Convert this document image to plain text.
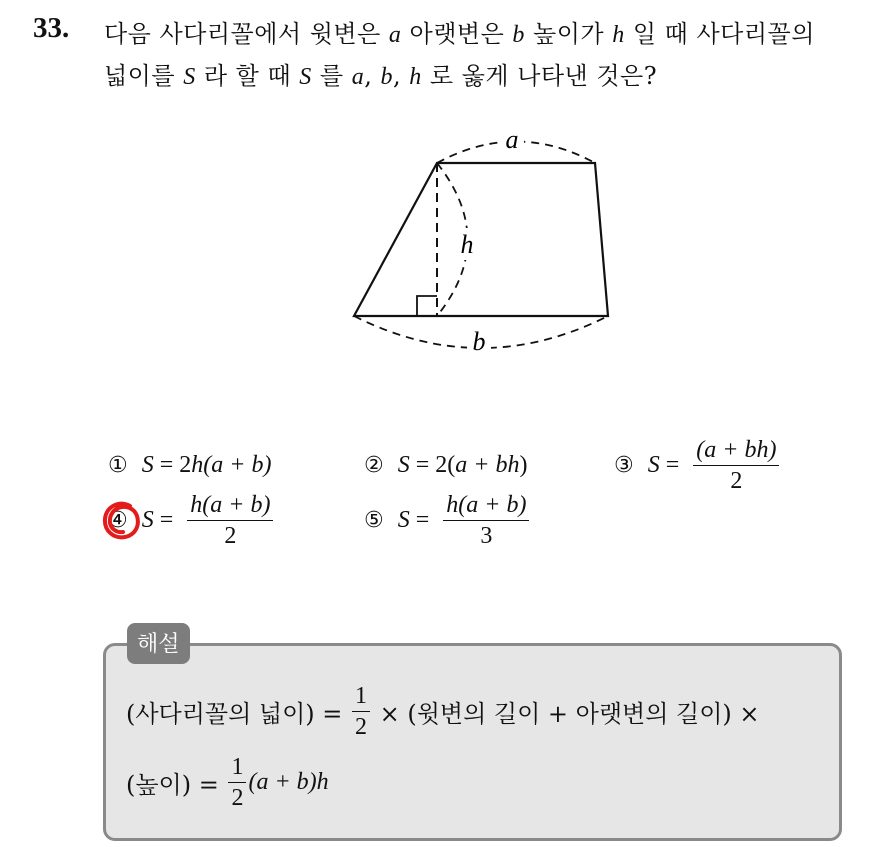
33. 다음 사다리꼴에서 윗변은 a 아랫변은 b 높이가 h 일 때 사다리꼴의
넓이를 S 라 할 때 S 를 a, b, h 로 옳게 나타낸 것은?
a
h
b
① S = 2 h(a + b)	② S = 2( a + bh )	③ $S = \frac{(a + bh)}{2}$
④ $S = \frac{h(a + b)}{2}$	⑤ $S = \frac{h(a + b)}{3}$
해설
(사다리꼴의 넓이) = $\frac{1}{2}$ × (윗변의 길이 + 아랫변의 길이) ×
(높이) = $\frac{1}{2} (a + b)h$
